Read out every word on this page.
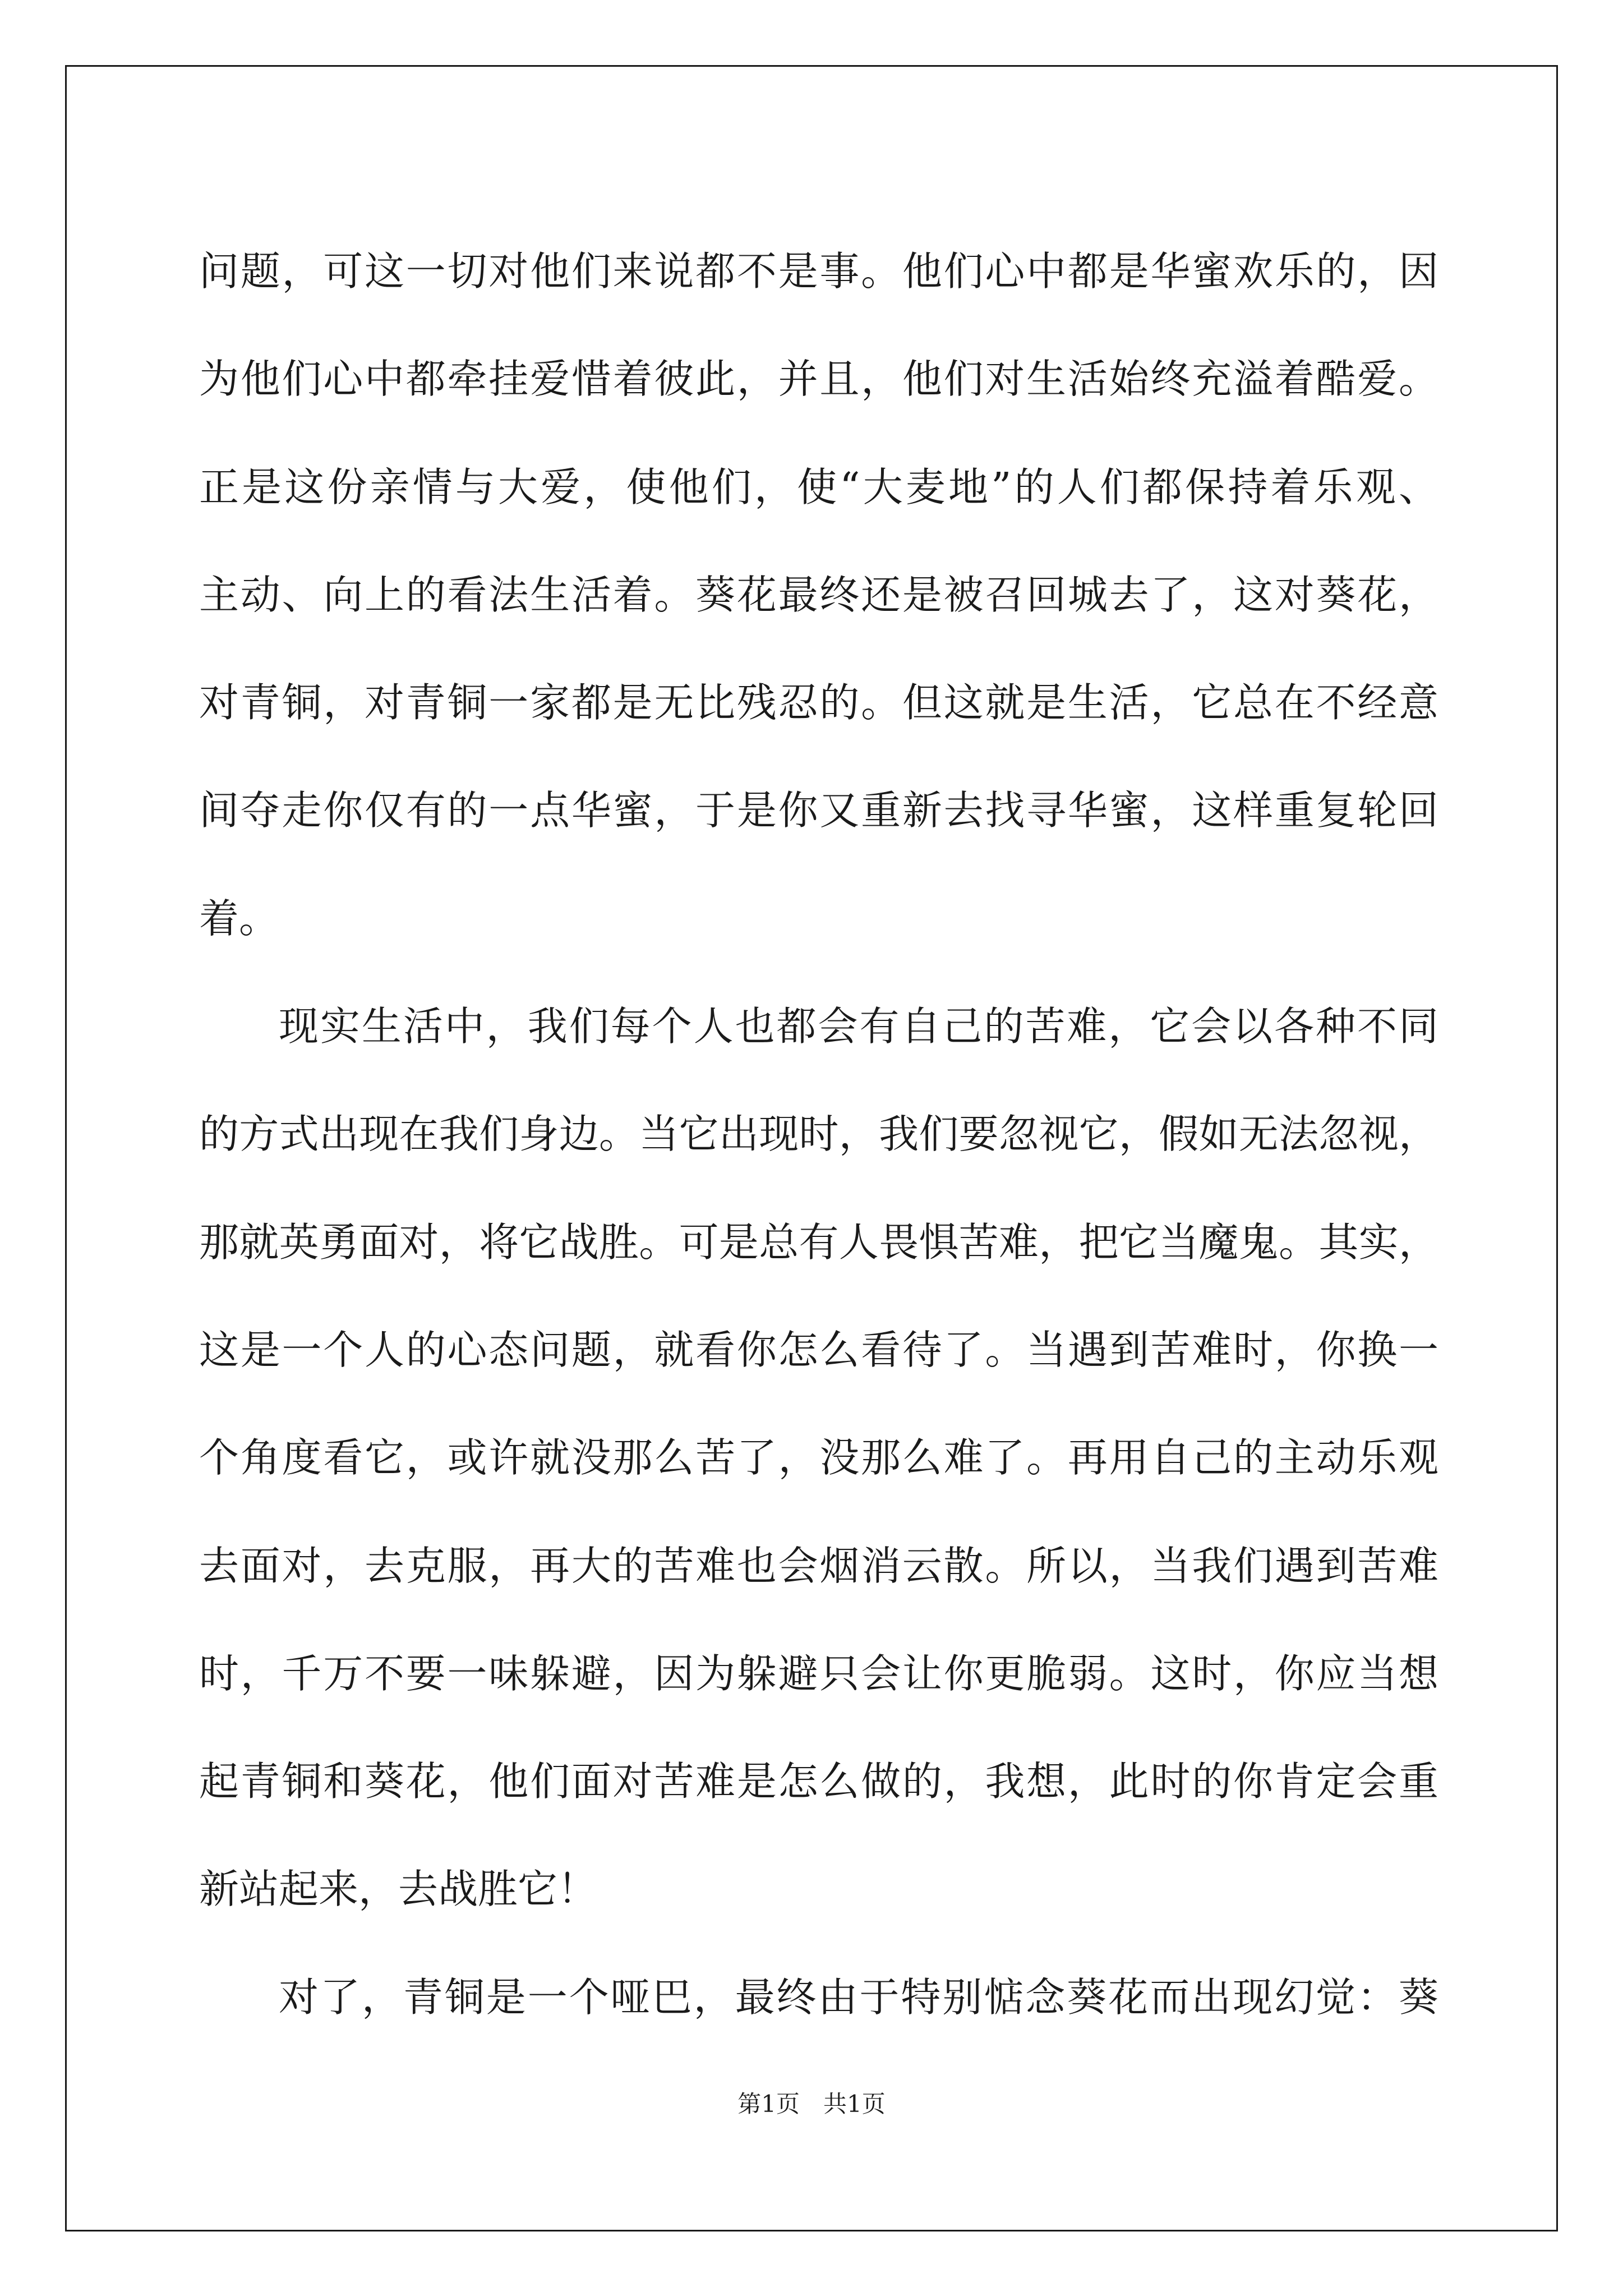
问题，可这一切对他们来说都不是事。他们心中都是华蜜欢乐的，因
为他们心中都牵挂爱惜着彼此，并且，他们对生活始终充溢着酷爱。
正是这份亲情与大爱，使他们，使“大麦地”的人们都保持着乐观、
主动、向上的看法生活着。葵花最终还是被召回城去了，这对葵花，
对青铜，对青铜一家都是无比残忍的。但这就是生活，它总在不经意
间夺走你仅有的一点华蜜，于是你又重新去找寻华蜜，这样重复轮回
着。
现实生活中，我们每个人也都会有自己的苦难，它会以各种不同
的方式出现在我们身边。当它出现时，我们要忽视它，假如无法忽视，
那就英勇面对，将它战胜。可是总有人畏惧苦难，把它当魔鬼。其实，
这是一个人的心态问题，就看你怎么看待了。当遇到苦难时，你换一
个角度看它，或许就没那么苦了，没那么难了。再用自己的主动乐观
去面对，去克服，再大的苦难也会烟消云散。所以，当我们遇到苦难
时，千万不要一味躲避，因为躲避只会让你更脆弱。这时，你应当想
起青铜和葵花，他们面对苦难是怎么做的，我想，此时的你肯定会重
新站起来，去战胜它！
对了，青铜是一个哑巴，最终由于特别惦念葵花而出现幻觉：葵
第1页　共1页
